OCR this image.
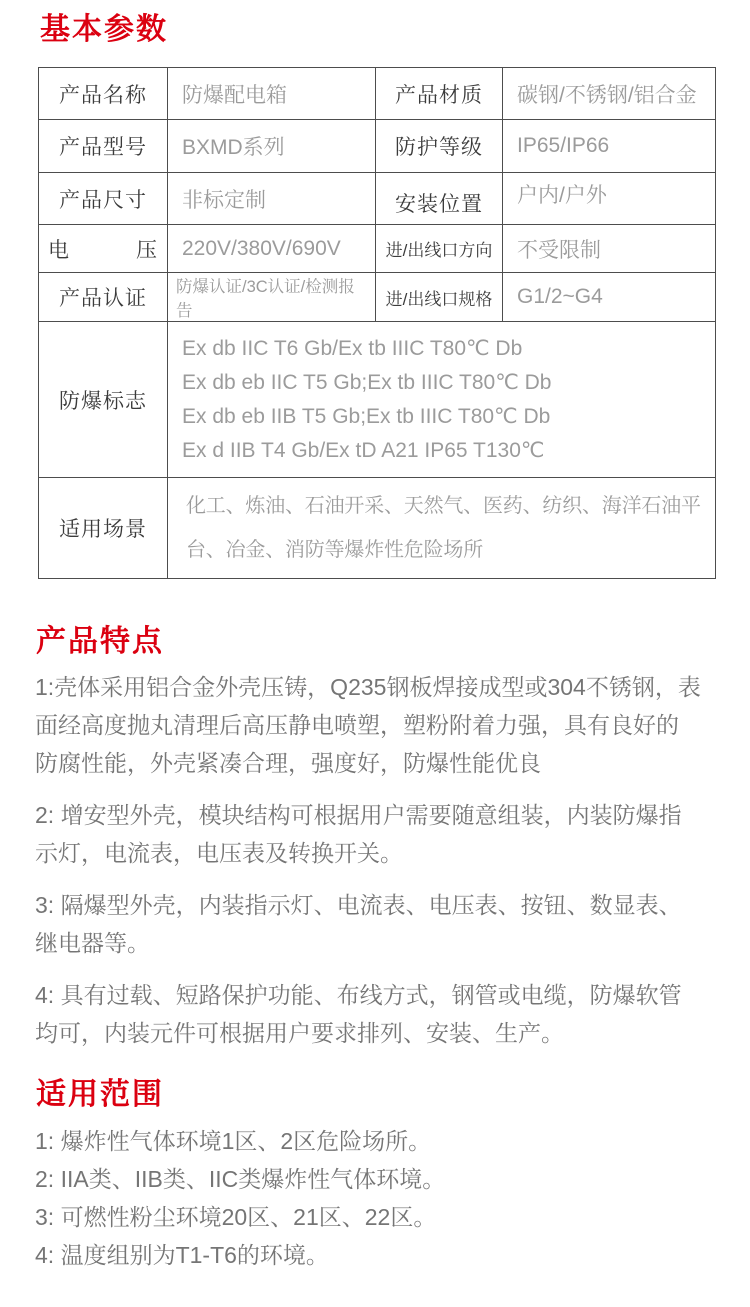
基本参数
产品名称	防爆配电箱	产品材质	碳钢/不锈钢/铝合金
产品型号	BXMD系列	防护等级	IP65/IP66
产品尺寸	非标定制	安装位置	户内/户外
电　　　压	220V/380V/690V	进/出线口方向	不受限制
产品认证	防爆认证/3C认证/检测报告	进/出线口规格	G1/2~G4
防爆标志	Ex db IIC T6 Gb/Ex tb IIIC T80℃ Db
Ex db eb IIC T5 Gb;Ex tb IIIC T80℃ Db
Ex db eb IIB T5 Gb;Ex tb IIIC T80℃ Db
Ex d IIB T4 Gb/Ex tD A21 IP65 T130℃		

适用场景	化工、炼油、石油开采、天然气、医药、纺织、海洋石油平台、冶金、消防等爆炸性危险场所		
产品特点

1:壳体采用铝合金外壳压铸，Q235钢板焊接成型或304不锈钢，表面经高度抛丸清理后高压静电喷塑，塑粉附着力强，具有良好的防腐性能，外壳紧凑合理，强度好，防爆性能优良

2: 增安型外壳，模块结构可根据用户需要随意组装，内装防爆指示灯，电流表，电压表及转换开关。

3: 隔爆型外壳，内装指示灯、电流表、电压表、按钮、数显表、继电器等。

4: 具有过载、短路保护功能、布线方式，钢管或电缆，防爆软管均可，内装元件可根据用户要求排列、安装、生产。

适用范围
1: 爆炸性气体环境1区、2区危险场所。
2: IIA类、IIB类、IIC类爆炸性气体环境。
3: 可燃性粉尘环境20区、21区、22区。
4: 温度组别为T1-T6的环境。
